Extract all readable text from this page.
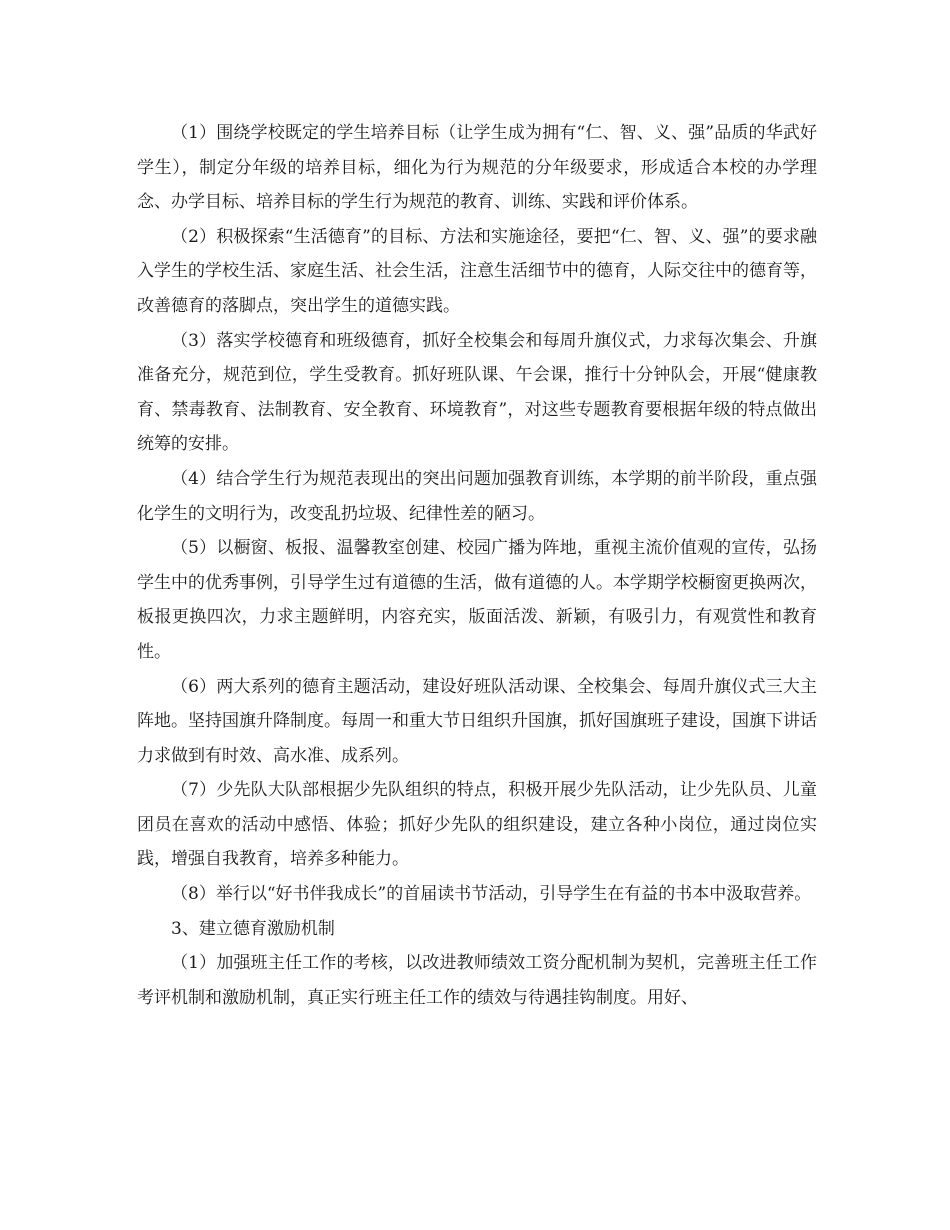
（1）围绕学校既定的学生培养目标（让学生成为拥有“仁、智、义、强”品质的华武好学生），制定分年级的培养目标，细化为行为规范的分年级要求，形成适合本校的办学理念、办学目标、培养目标的学生行为规范的教育、训练、实践和评价体系。

（2）积极探索“生活德育”的目标、方法和实施途径，要把“仁、智、义、强”的要求融入学生的学校生活、家庭生活、社会生活，注意生活细节中的德育，人际交往中的德育等，改善德育的落脚点，突出学生的道德实践。

（3）落实学校德育和班级德育，抓好全校集会和每周升旗仪式，力求每次集会、升旗准备充分，规范到位，学生受教育。抓好班队课、午会课，推行十分钟队会，开展“健康教育、禁毒教育、法制教育、安全教育、环境教育”，对这些专题教育要根据年级的特点做出统筹的安排。

（4）结合学生行为规范表现出的突出问题加强教育训练，本学期的前半阶段，重点强化学生的文明行为，改变乱扔垃圾、纪律性差的陋习。

（5）以橱窗、板报、温馨教室创建、校园广播为阵地，重视主流价值观的宣传，弘扬学生中的优秀事例，引导学生过有道德的生活，做有道德的人。本学期学校橱窗更换两次，板报更换四次，力求主题鲜明，内容充实，版面活泼、新颖，有吸引力，有观赏性和教育性。

（6）两大系列的德育主题活动，建设好班队活动课、全校集会、每周升旗仪式三大主阵地。坚持国旗升降制度。每周一和重大节日组织升国旗，抓好国旗班子建设，国旗下讲话力求做到有时效、高水准、成系列。

（7）少先队大队部根据少先队组织的特点，积极开展少先队活动，让少先队员、儿童团员在喜欢的活动中感悟、体验；抓好少先队的组织建设，建立各种小岗位，通过岗位实践，增强自我教育，培养多种能力。

（8）举行以“好书伴我成长”的首届读书节活动，引导学生在有益的书本中汲取营养。

3、建立德育激励机制

（1）加强班主任工作的考核，以改进教师绩效工资分配机制为契机，完善班主任工作考评机制和激励机制，真正实行班主任工作的绩效与待遇挂钩制度。用好、
